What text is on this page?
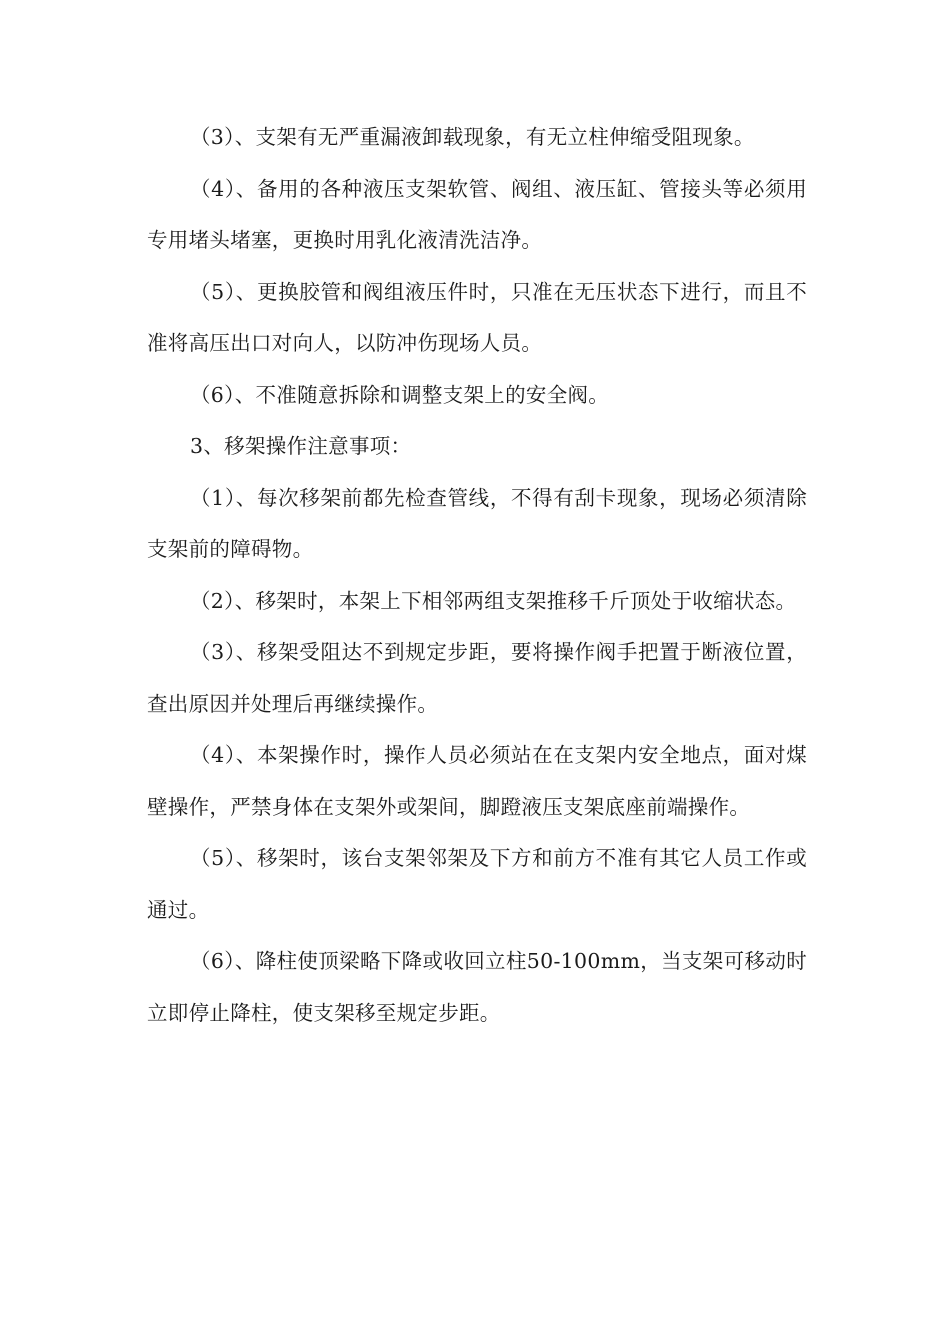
（3）、支架有无严重漏液卸载现象，有无立柱伸缩受阻现象。

（4）、备用的各种液压支架软管、阀组、液压缸、管接头等必须用专用堵头堵塞，更换时用乳化液清洗洁净。

（5）、更换胶管和阀组液压件时，只准在无压状态下进行，而且不准将高压出口对向人，以防冲伤现场人员。

（6）、不准随意拆除和调整支架上的安全阀。

3、移架操作注意事项：

（1）、每次移架前都先检查管线，不得有刮卡现象，现场必须清除支架前的障碍物。

（2）、移架时，本架上下相邻两组支架推移千斤顶处于收缩状态。

（3）、移架受阻达不到规定步距，要将操作阀手把置于断液位置，查出原因并处理后再继续操作。

（4）、本架操作时，操作人员必须站在在支架内安全地点，面对煤壁操作，严禁身体在支架外或架间，脚蹬液压支架底座前端操作。

（5）、移架时，该台支架邻架及下方和前方不准有其它人员工作或通过。

（6）、降柱使顶梁略下降或收回立柱50-100mm，当支架可移动时立即停止降柱，使支架移至规定步距。
